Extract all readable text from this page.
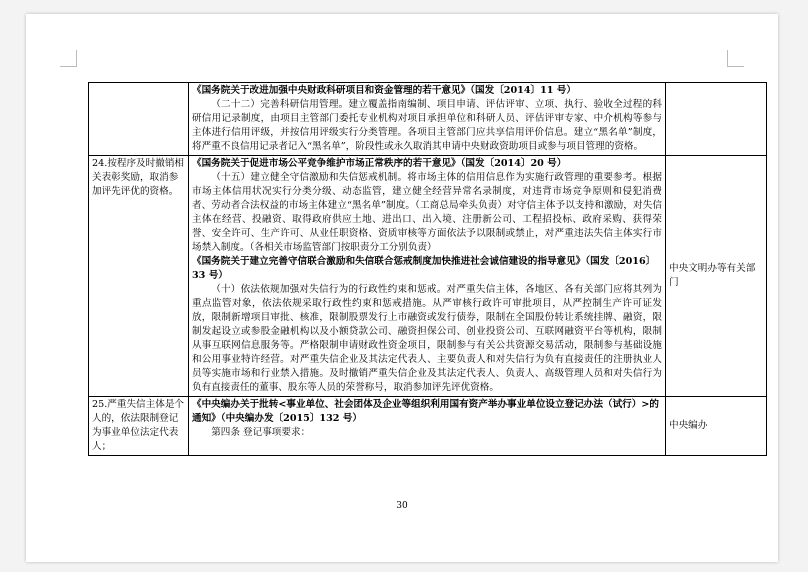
	《国务院关于改进加强中央财政科研项目和资金管理的若干意见》（国发〔2014〕11 号）
（二十二）完善科研信用管理。建立覆盖指南编制、项目申请、评估评审、立项、执行、验收全过程的科研信用记录制度，由项目主管部门委托专业机构对项目承担单位和科研人员、评估评审专家、中介机构等参与主体进行信用评级，并按信用评级实行分类管理。各项目主管部门应共享信用评价信息。建立“黑名单”制度，将严重不良信用记录者记入“黑名单”，阶段性或永久取消其申请中央财政资助项目或参与项目管理的资格。	

24.按程序及时撤销相关表彰奖励，取消参加评先评优的资格。	《国务院关于促进市场公平竞争维护市场正常秩序的若干意见》（国发〔2014〕20 号）
（十五）建立健全守信激励和失信惩戒机制。将市场主体的信用信息作为实施行政管理的重要参考。根据市场主体信用状况实行分类分级、动态监管，建立健全经营异常名录制度，对违背市场竞争原则和侵犯消费者、劳动者合法权益的市场主体建立“黑名单”制度。（工商总局牵头负责）对守信主体予以支持和激励，对失信主体在经营、投融资、取得政府供应土地、进出口、出入境、注册新公司、工程招投标、政府采购、获得荣誉、安全许可、生产许可、从业任职资格、资质审核等方面依法予以限制或禁止，对严重违法失信主体实行市场禁入制度。（各相关市场监管部门按职责分工分别负责）
《国务院关于建立完善守信联合激励和失信联合惩戒制度加快推进社会诚信建设的指导意见》（国发〔2016〕33 号）
（十）依法依规加强对失信行为的行政性约束和惩戒。对严重失信主体，各地区、各有关部门应将其列为重点监管对象，依法依规采取行政性约束和惩戒措施。从严审核行政许可审批项目，从严控制生产许可证发放，限制新增项目审批、核准，限制股票发行上市融资或发行债券，限制在全国股份转让系统挂牌、融资，限制发起设立或参股金融机构以及小额贷款公司、融资担保公司、创业投资公司、互联网融资平台等机构，限制从事互联网信息服务等。严格限制申请财政性资金项目，限制参与有关公共资源交易活动，限制参与基础设施和公用事业特许经营。对严重失信企业及其法定代表人、主要负责人和对失信行为负有直接责任的注册执业人员等实施市场和行业禁入措施。及时撤销严重失信企业及其法定代表人、负责人、高级管理人员和对失信行为负有直接责任的董事、股东等人员的荣誉称号，取消参加评先评优资格。	中央文明办等有关部门
25.严重失信主体是个人的，依法限制登记为事业单位法定代表人；	《中央编办关于批转<事业单位、社会团体及企业等组织利用国有资产举办事业单位设立登记办法（试行）>的通知》（中央编办发〔2015〕132 号）
第四条 登记事项要求：	中央编办
30
